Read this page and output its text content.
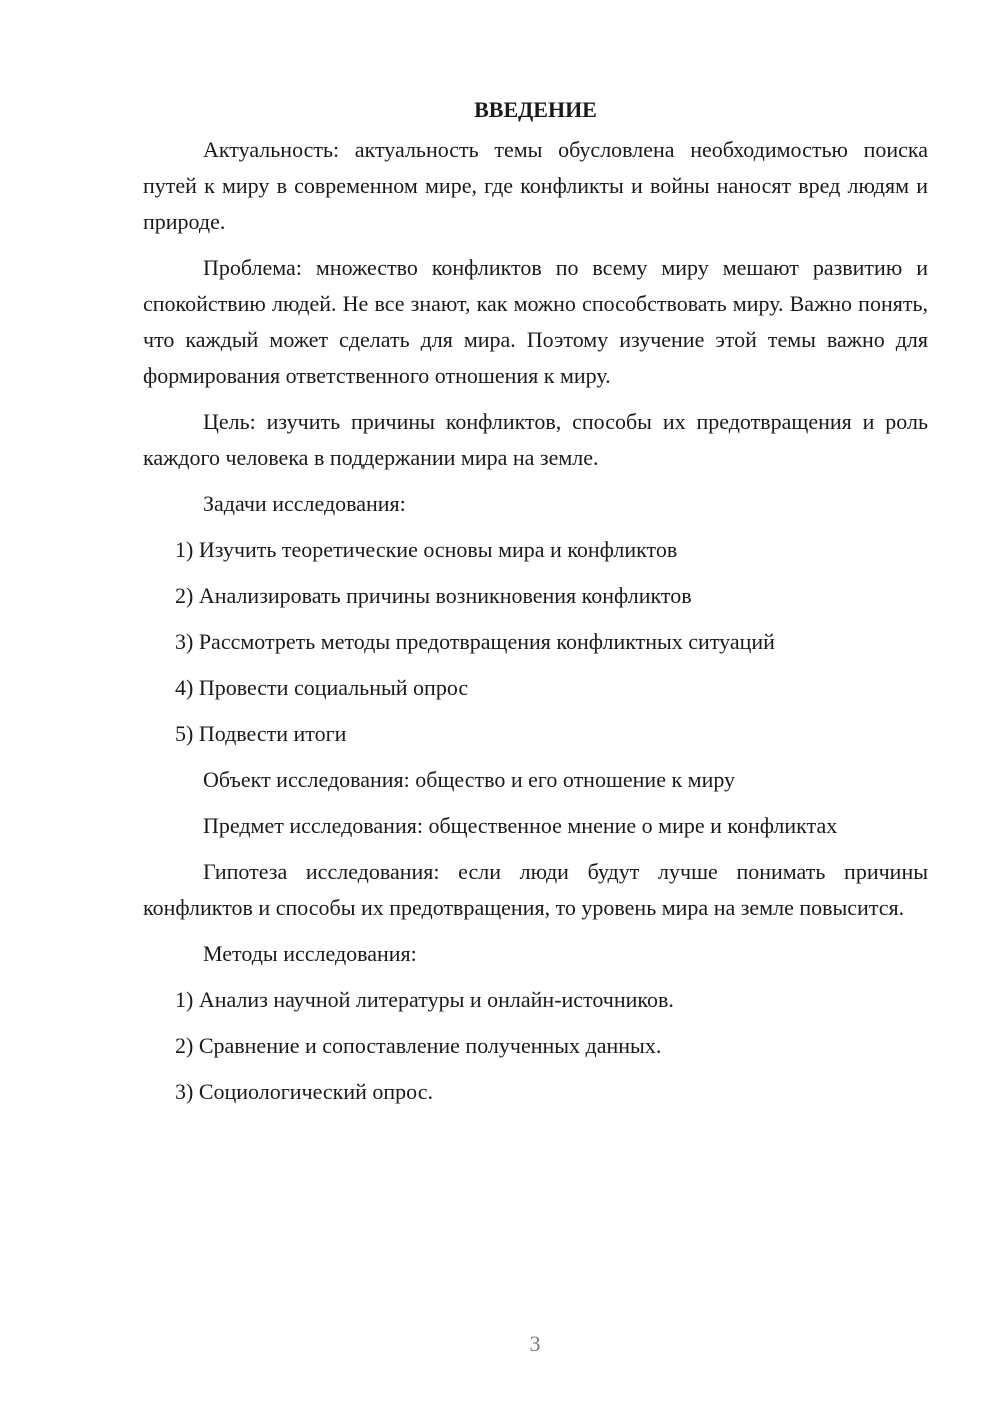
ВВЕДЕНИЕ

Актуальность: актуальность темы обусловлена необходимостью поиска путей к миру в современном мире, где конфликты и войны наносят вред людям и природе.

Проблема: множество конфликтов по всему миру мешают развитию и спокойствию людей. Не все знают, как можно способствовать миру. Важно понять, что каждый может сделать для мира. Поэтому изучение этой темы важно для формирования ответственного отношения к миру.

Цель: изучить причины конфликтов, способы их предотвращения и роль каждого человека в поддержании мира на земле.

Задачи исследования:
1) Изучить теоретические основы мира и конфликтов
2) Анализировать причины возникновения конфликтов
3) Рассмотреть методы предотвращения конфликтных ситуаций
4) Провести социальный опрос
5) Подвести итоги
Объект исследования: общество и его отношение к миру
Предмет исследования: общественное мнение о мире и конфликтах

Гипотеза исследования: если люди будут лучше понимать причины конфликтов и способы их предотвращения, то уровень мира на земле повысится.

Методы исследования:
1) Анализ научной литературы и онлайн-источников.
2) Сравнение и сопоставление полученных данных.
3) Социологический опрос.
3
